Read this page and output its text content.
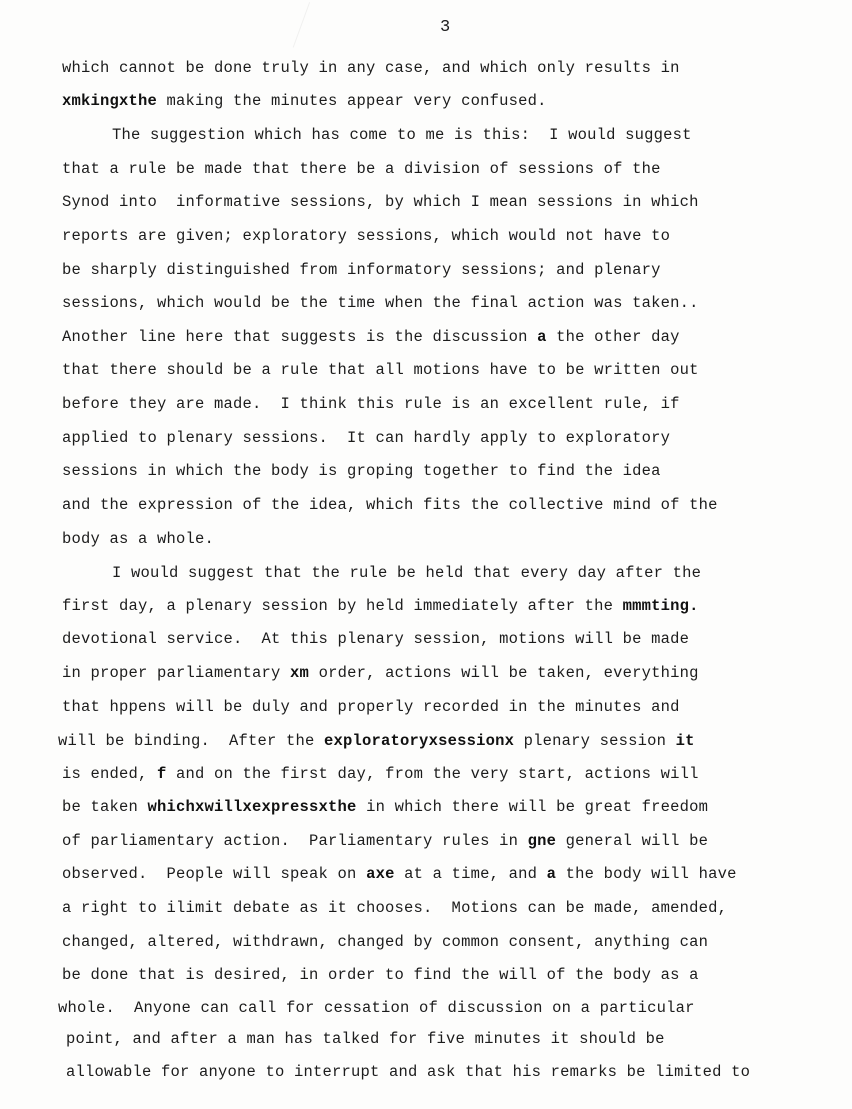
3
which cannot be done truly in any case, and which only results in
xmkingxthe making the minutes appear very confused.
The suggestion which has come to me is this:  I would suggest
that a rule be made that there be a division of sessions of the
Synod into  informative sessions, by which I mean sessions in which
reports are given; exploratory sessions, which would not have to
be sharply distinguished from informatory sessions; and plenary
sessions, which would be the time when the final action was taken..
Another line here that suggests is the discussion a the other day
that there should be a rule that all motions have to be written out
before they are made.  I think this rule is an excellent rule, if
applied to plenary sessions.  It can hardly apply to exploratory
sessions in which the body is groping together to find the idea
and the expression of the idea, which fits the collective mind of the
body as a whole.
I would suggest that the rule be held that every day after the
first day, a plenary session by held immediately after the mmmting.
devotional service.  At this plenary session, motions will be made
in proper parliamentary xm order, actions will be taken, everything
that hppens will be duly and properly recorded in the minutes and
will be binding.  After the exploratoryxsessionx plenary session it
is ended, f and on the first day, from the very start, actions will
be taken whichxwillxexpressxthe in which there will be great freedom
of parliamentary action.  Parliamentary rules in gne general will be
observed.  People will speak on axe at a time, and a the body will have
a right to ilimit debate as it chooses.  Motions can be made, amended,
changed, altered, withdrawn, changed by common consent, anything can
be done that is desired, in order to find the will of the body as a
whole.  Anyone can call for cessation of discussion on a particular
point, and after a man has talked for five minutes it should be
allowable for anyone to interrupt and ask that his remarks be limited to
